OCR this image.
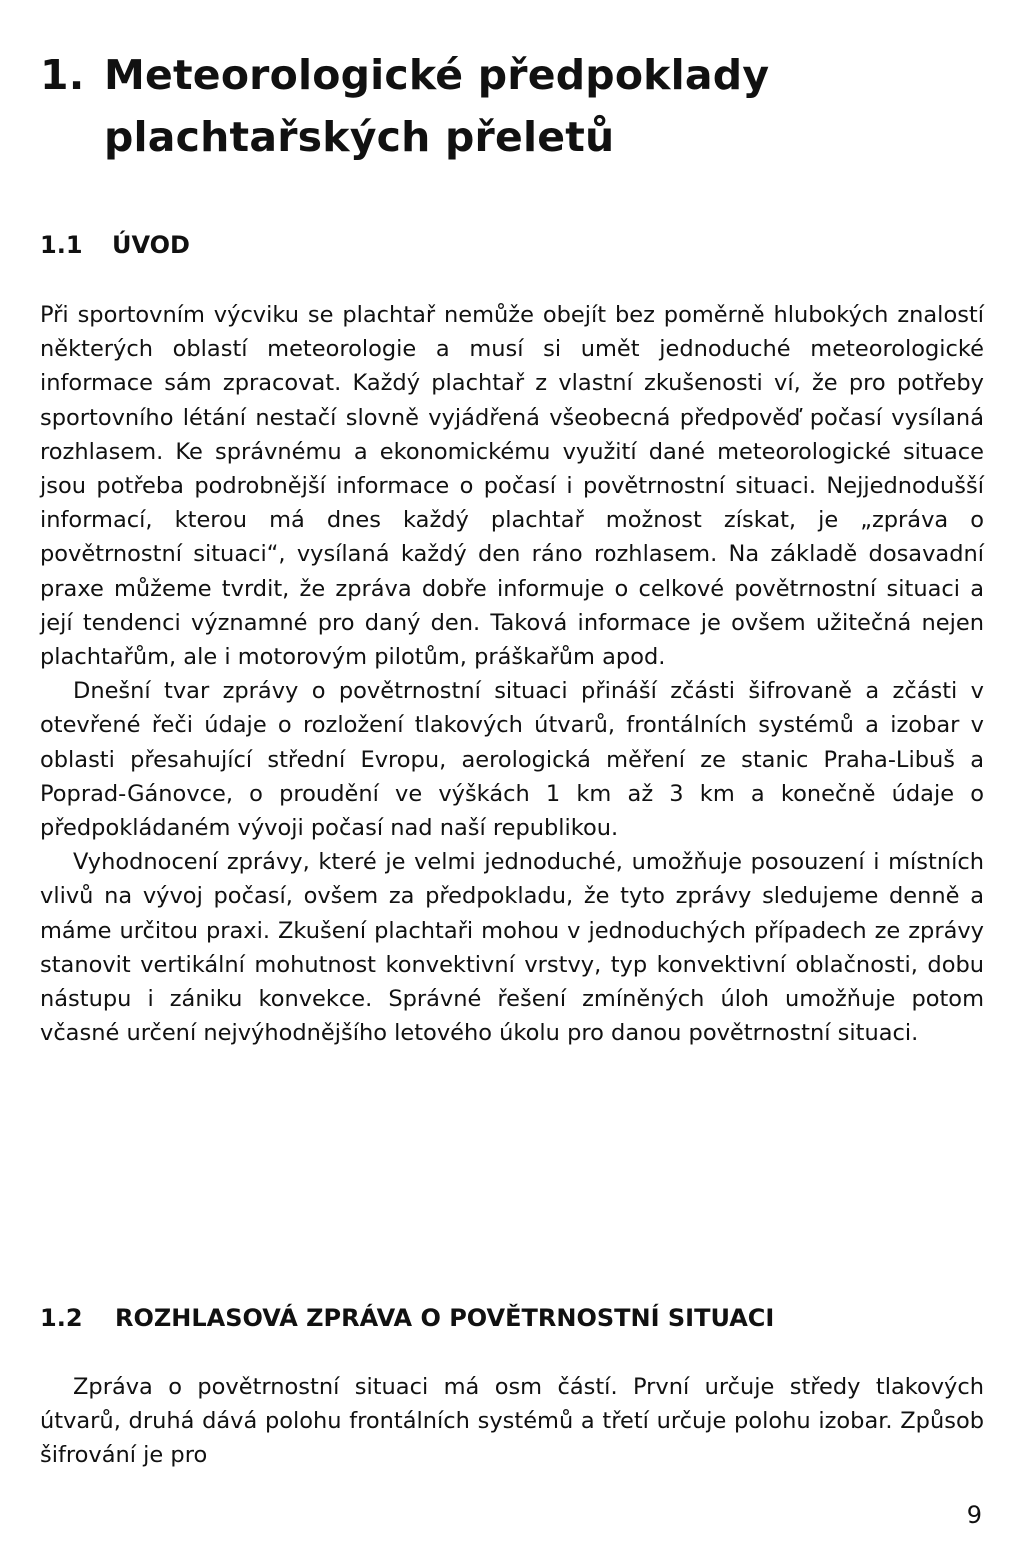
1. Meteorologické předpoklady
plachtařských přeletů
1.1 ÚVOD

Při sportovním výcviku se plachtař nemůže obejít bez poměrně hlubokých znalostí některých oblastí meteorologie a musí si umět jednoduché meteorologické informace sám zpracovat. Každý plachtař z vlastní zkušenosti ví, že pro potřeby sportovního létání nestačí slovně vyjádřená všeobecná předpověď počasí vysílaná rozhlasem. Ke správnému a ekonomickému využití dané meteorologické situace jsou potřeba podrobnější informace o počasí i povětrnostní situaci. Nejjednodušší informací, kterou má dnes každý plachtař možnost získat, je „zpráva o povětrnostní situaci“, vysílaná každý den ráno rozhlasem. Na základě dosavadní praxe můžeme tvrdit, že zpráva dobře informuje o celkové povětrnostní situaci a její tendenci významné pro daný den. Taková informace je ovšem užitečná nejen plachtařům, ale i motorovým pilotům, práškařům apod.

Dnešní tvar zprávy o povětrnostní situaci přináší zčásti šifrovaně a zčásti v otevřené řeči údaje o rozložení tlakových útvarů, frontálních systémů a izobar v oblasti přesahující střední Evropu, aerologická měření ze stanic Praha-Libuš a Poprad-Gánovce, o proudění ve výškách 1 km až 3 km a konečně údaje o předpokládaném vývoji počasí nad naší republikou.

Vyhodnocení zprávy, které je velmi jednoduché, umožňuje posouzení i místních vlivů na vývoj počasí, ovšem za předpokladu, že tyto zprávy sledujeme denně a máme určitou praxi. Zkušení plachtaři mohou v jednoduchých případech ze zprávy stanovit vertikální mohutnost konvektivní vrstvy, typ konvektivní oblačnosti, dobu nástupu i zániku konvekce. Správné řešení zmíněných úloh umožňuje potom včasné určení nejvýhodnějšího letového úkolu pro danou povětrnostní situaci.

1.2 ROZHLASOVÁ ZPRÁVA O POVĚTRNOSTNÍ SITUACI

Zpráva o povětrnostní situaci má osm částí. První určuje středy tlakových útvarů, druhá dává polohu frontálních systémů a třetí určuje polohu izobar. Způsob šifrování je pro

9
